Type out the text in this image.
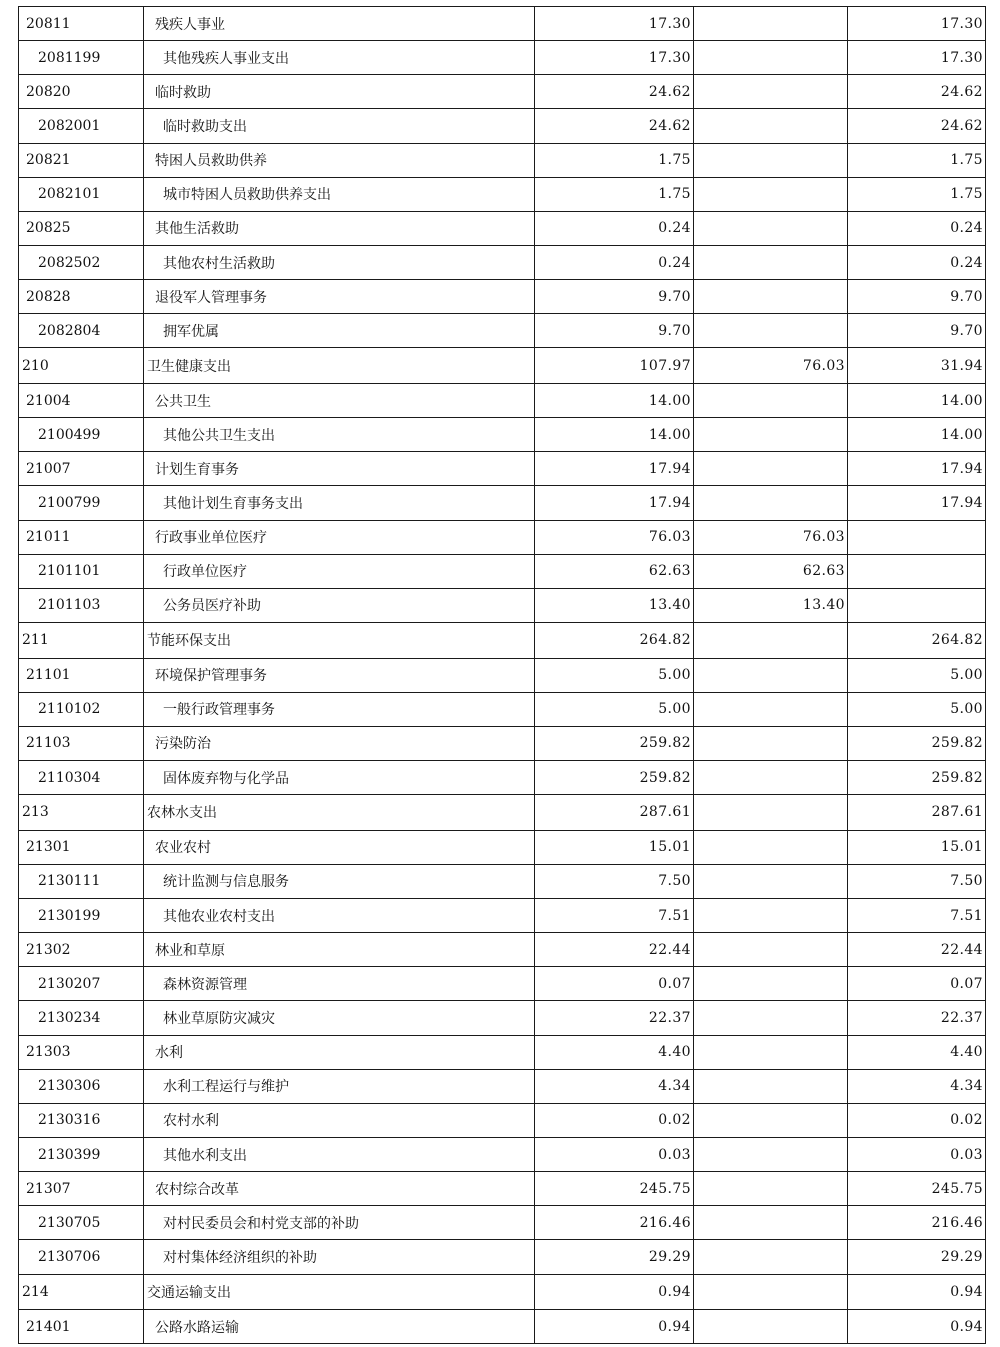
20811	残疾人事业	17.30		17.30
2081199	其他残疾人事业支出	17.30		17.30
20820	临时救助	24.62		24.62
2082001	临时救助支出	24.62		24.62
20821	特困人员救助供养	1.75		1.75
2082101	城市特困人员救助供养支出	1.75		1.75
20825	其他生活救助	0.24		0.24
2082502	其他农村生活救助	0.24		0.24
20828	退役军人管理事务	9.70		9.70
2082804	拥军优属	9.70		9.70
210	卫生健康支出	107.97	76.03	31.94
21004	公共卫生	14.00		14.00
2100499	其他公共卫生支出	14.00		14.00
21007	计划生育事务	17.94		17.94
2100799	其他计划生育事务支出	17.94		17.94
21011	行政事业单位医疗	76.03	76.03	
2101101	行政单位医疗	62.63	62.63	
2101103	公务员医疗补助	13.40	13.40	
211	节能环保支出	264.82		264.82
21101	环境保护管理事务	5.00		5.00
2110102	一般行政管理事务	5.00		5.00
21103	污染防治	259.82		259.82
2110304	固体废弃物与化学品	259.82		259.82
213	农林水支出	287.61		287.61
21301	农业农村	15.01		15.01
2130111	统计监测与信息服务	7.50		7.50
2130199	其他农业农村支出	7.51		7.51
21302	林业和草原	22.44		22.44
2130207	森林资源管理	0.07		0.07
2130234	林业草原防灾减灾	22.37		22.37
21303	水利	4.40		4.40
2130306	水利工程运行与维护	4.34		4.34
2130316	农村水利	0.02		0.02
2130399	其他水利支出	0.03		0.03
21307	农村综合改革	245.75		245.75
2130705	对村民委员会和村党支部的补助	216.46		216.46
2130706	对村集体经济组织的补助	29.29		29.29
214	交通运输支出	0.94		0.94
21401	公路水路运输	0.94		0.94
